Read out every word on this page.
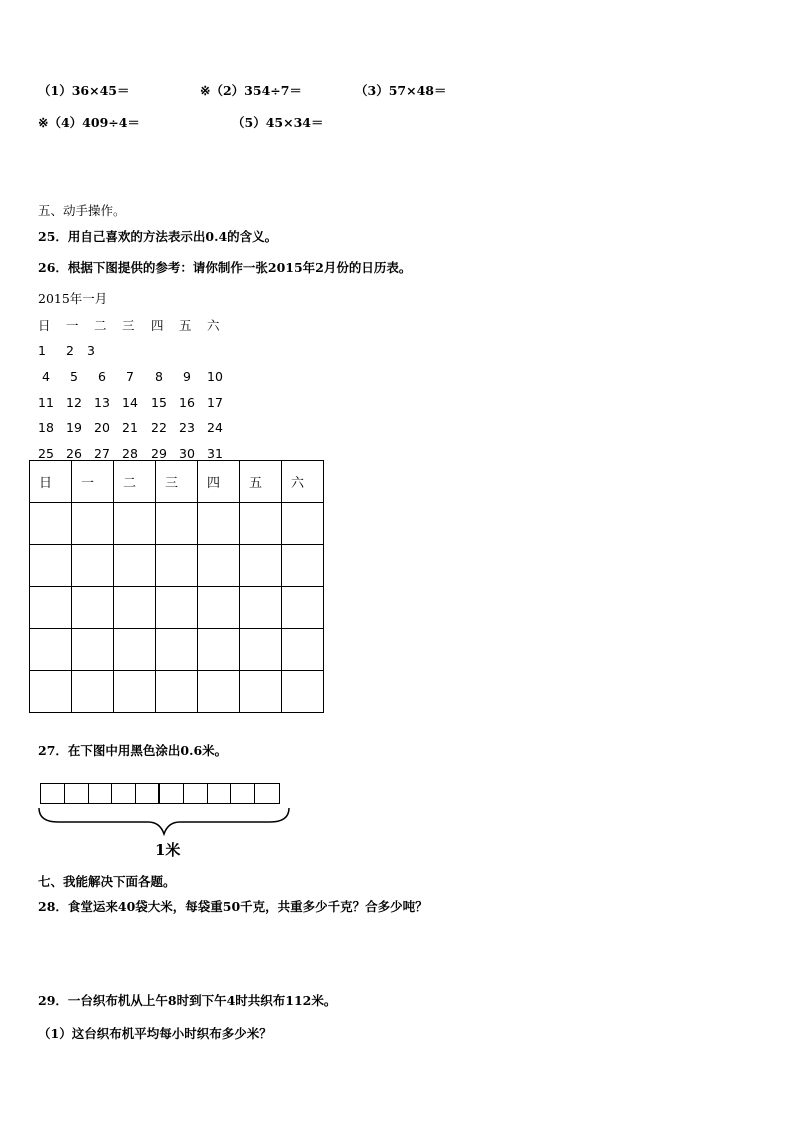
（1）36×45＝	※（2）354÷7＝	（3）57×48＝
※（4）409÷4＝	（5）45×34＝
五、动手操作。
25．用自己喜欢的方法表示出0.4的含义。
26．根据下图提供的参考：请你制作一张2015年2月份的日历表。
2015年一月
日 一 二 三 四 五 六
1 2 3
4 5 6 7 8 9 10
11 12 13 14 15 16 17
18 19 20 21 22 23 24
25 26 27 28 29 30 31
日	一	二	三	四	五	六

27．在下图中用黑色涂出0.6米。
1米
七、我能解决下面各题。
28．食堂运来40袋大米，每袋重50千克，共重多少千克？合多少吨？
29．一台织布机从上午8时到下午4时共织布112米。
（1）这台织布机平均每小时织布多少米？
